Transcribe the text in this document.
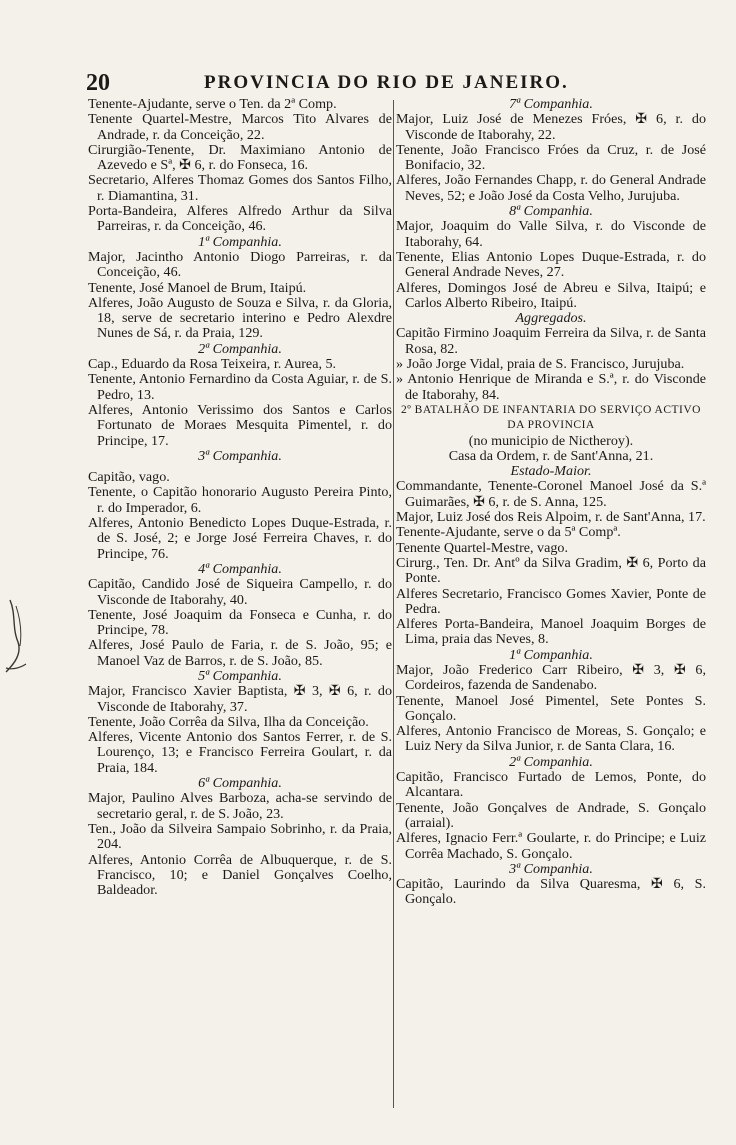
20	PROVINCIA DO RIO DE JANEIRO.
Tenente-Ajudante, serve o Ten. da 2ª Comp.
Tenente Quartel-Mestre, Marcos Tito Alvares de Andrade, r. da Conceição, 22.
Cirurgião-Tenente, Dr. Maximiano Antonio de Azevedo e Sª, ✠ 6, r. do Fonseca, 16.
Secretario, Alferes Thomaz Gomes dos Santos Filho, r. Diamantina, 31.
Porta-Bandeira, Alferes Alfredo Arthur da Silva Parreiras, r. da Conceição, 46.
1ª Companhia.
Major, Jacintho Antonio Diogo Parreiras, r. da Conceição, 46.
Tenente, José Manoel de Brum, Itaipú.
Alferes, João Augusto de Souza e Silva, r. da Gloria, 18, serve de secretario interino e Pedro Alexdre Nunes de Sá, r. da Praia, 129.
2ª Companhia.
Cap., Eduardo da Rosa Teixeira, r. Aurea, 5.
Tenente, Antonio Fernardino da Costa Aguiar, r. de S. Pedro, 13.
Alferes, Antonio Verissimo dos Santos e Carlos Fortunato de Moraes Mesquita Pimentel, r. do Principe, 17.
3ª Companhia.
Capitão, vago.
Tenente, o Capitão honorario Augusto Pereira Pinto, r. do Imperador, 6.
Alferes, Antonio Benedicto Lopes Duque-Estrada, r. de S. José, 2; e Jorge José Ferreira Chaves, r. do Principe, 76.
4ª Companhia.
Capitão, Candido José de Siqueira Campello, r. do Visconde de Itaborahy, 40.
Tenente, José Joaquim da Fonseca e Cunha, r. do Principe, 78.
Alferes, José Paulo de Faria, r. de S. João, 95; e Manoel Vaz de Barros, r. de S. João, 85.
5ª Companhia.
Major, Francisco Xavier Baptista, ✠ 3, ✠ 6, r. do Visconde de Itaborahy, 37.
Tenente, João Corrêa da Silva, Ilha da Conceição.
Alferes, Vicente Antonio dos Santos Ferrer, r. de S. Lourenço, 13; e Francisco Ferreira Goulart, r. da Praia, 184.
6ª Companhia.
Major, Paulino Alves Barboza, acha-se servindo de secretario geral, r. de S. João, 23.
Ten., João da Silveira Sampaio Sobrinho, r. da Praia, 204.
Alferes, Antonio Corrêa de Albuquerque, r. de S. Francisco, 10; e Daniel Gonçalves Coelho, Baldeador.
7ª Companhia.
Major, Luiz José de Menezes Fróes, ✠ 6, r. do Visconde de Itaborahy, 22.
Tenente, João Francisco Fróes da Cruz, r. de José Bonifacio, 32.
Alferes, João Fernandes Chapp, r. do General Andrade Neves, 52; e João José da Costa Velho, Jurujuba.
8ª Companhia.
Major, Joaquim do Valle Silva, r. do Visconde de Itaborahy, 64.
Tenente, Elias Antonio Lopes Duque-Estrada, r. do General Andrade Neves, 27.
Alferes, Domingos José de Abreu e Silva, Itaipú; e Carlos Alberto Ribeiro, Itaipú.
Aggregados.
Capitão Firmino Joaquim Ferreira da Silva, r. de Santa Rosa, 82.
» João Jorge Vidal, praia de S. Francisco, Jurujuba.
» Antonio Henrique de Miranda e S.ª, r. do Visconde de Itaborahy, 84.
2º BATALHÃO DE INFANTARIA DO SERVIÇO ACTIVO DA PROVINCIA
(no municipio de Nictheroy).
Casa da Ordem, r. de Sant'Anna, 21.
Estado-Maior.
Commandante, Tenente-Coronel Manoel José da S.ª Guimarães, ✠ 6, r. de S. Anna, 125.
Major, Luiz José dos Reis Alpoim, r. de Sant'Anna, 17.
Tenente-Ajudante, serve o da 5ª Compª.
Tenente Quartel-Mestre, vago.
Cirurg., Ten. Dr. Antº da Silva Gradim, ✠ 6, Porto da Ponte.
Alferes Secretario, Francisco Gomes Xavier, Ponte de Pedra.
Alferes Porta-Bandeira, Manoel Joaquim Borges de Lima, praia das Neves, 8.
1ª Companhia.
Major, João Frederico Carr Ribeiro, ✠ 3, ✠ 6, Cordeiros, fazenda de Sandenabo.
Tenente, Manoel José Pimentel, Sete Pontes S. Gonçalo.
Alferes, Antonio Francisco de Moreas, S. Gonçalo; e Luiz Nery da Silva Junior, r. de Santa Clara, 16.
2ª Companhia.
Capitão, Francisco Furtado de Lemos, Ponte, do Alcantara.
Tenente, João Gonçalves de Andrade, S. Gonçalo (arraial).
Alferes, Ignacio Ferr.ª Goularte, r. do Principe; e Luiz Corrêa Machado, S. Gonçalo.
3ª Companhia.
Capitão, Laurindo da Silva Quaresma, ✠ 6, S. Gonçalo.
